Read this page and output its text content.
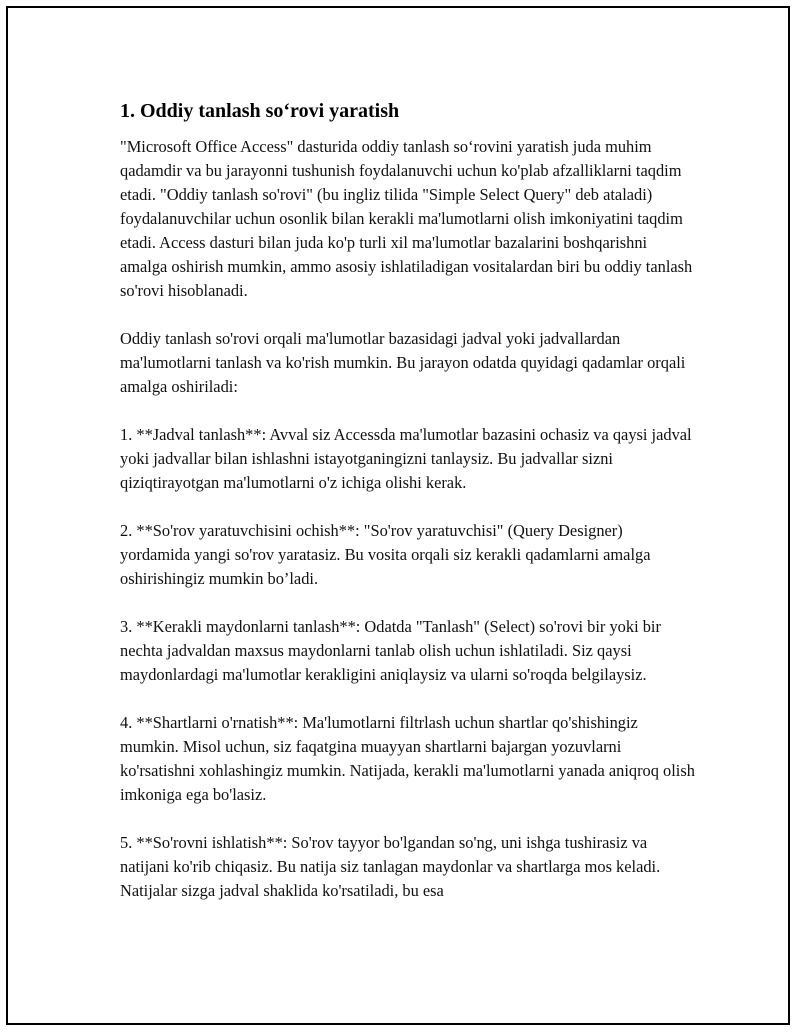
1. Oddiy tanlash so‘rovi yaratish

"Microsoft Office Access" dasturida oddiy tanlash so‘rovini yaratish juda muhim qadamdir va bu jarayonni tushunish foydalanuvchi uchun ko'plab afzalliklarni taqdim etadi. "Oddiy tanlash so'rovi" (bu ingliz tilida "Simple Select Query" deb ataladi) foydalanuvchilar uchun osonlik bilan kerakli ma'lumotlarni olish imkoniyatini taqdim etadi. Access dasturi bilan juda ko'p turli xil ma'lumotlar bazalarini boshqarishni amalga oshirish mumkin, ammo asosiy ishlatiladigan vositalardan biri bu oddiy tanlash so'rovi hisoblanadi.

Oddiy tanlash so'rovi orqali ma'lumotlar bazasidagi jadval yoki jadvallardan ma'lumotlarni tanlash va ko'rish mumkin. Bu jarayon odatda quyidagi qadamlar orqali amalga oshiriladi:

1. **Jadval tanlash**: Avval siz Accessda ma'lumotlar bazasini ochasiz va qaysi jadval yoki jadvallar bilan ishlashni istayotganingizni tanlaysiz. Bu jadvallar sizni qiziqtirayotgan ma'lumotlarni o'z ichiga olishi kerak.

2. **So'rov yaratuvchisini ochish**: "So'rov yaratuvchisi" (Query Designer) yordamida yangi so'rov yaratasiz. Bu vosita orqali siz kerakli qadamlarni amalga oshirishingiz mumkin bo’ladi.

3. **Kerakli maydonlarni tanlash**: Odatda "Tanlash" (Select) so'rovi bir yoki bir nechta jadvaldan maxsus maydonlarni tanlab olish uchun ishlatiladi. Siz qaysi maydonlardagi ma'lumotlar kerakligini aniqlaysiz va ularni so'roqda belgilaysiz.

4. **Shartlarni o'rnatish**: Ma'lumotlarni filtrlash uchun shartlar qo'shishingiz mumkin. Misol uchun, siz faqatgina muayyan shartlarni bajargan yozuvlarni ko'rsatishni xohlashingiz mumkin. Natijada, kerakli ma'lumotlarni yanada aniqroq olish imkoniga ega bo'lasiz.

5. **So'rovni ishlatish**: So'rov tayyor bo'lgandan so'ng, uni ishga tushirasiz va natijani ko'rib chiqasiz. Bu natija siz tanlagan maydonlar va shartlarga mos keladi. Natijalar sizga jadval shaklida ko'rsatiladi, bu esa
